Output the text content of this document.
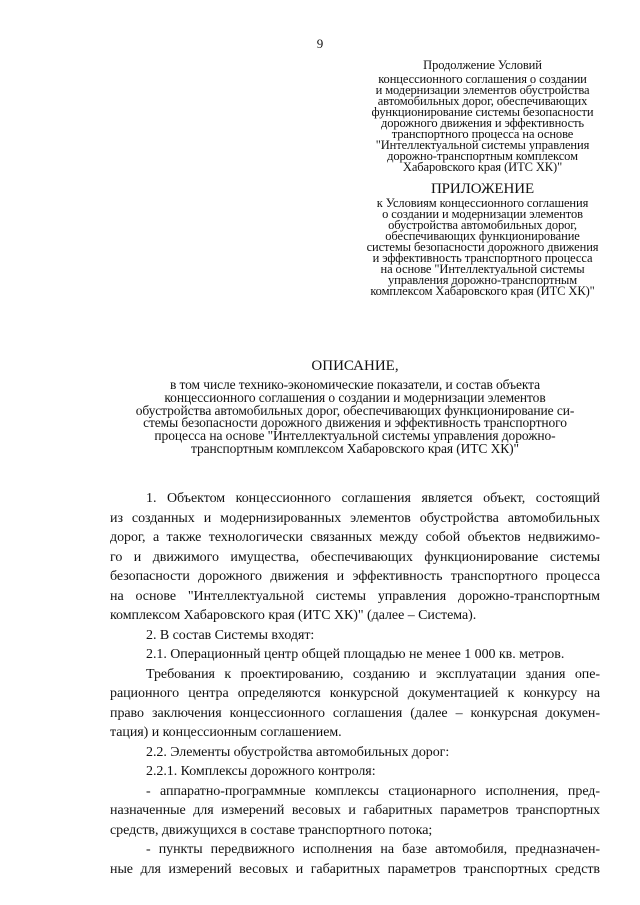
9
Продолжение Условий
концессионного соглашения о создании
и модернизации элементов обустройства
автомобильных дорог, обеспечивающих
функционирование системы безопасности
дорожного движения и эффективность
транспортного процесса на основе
"Интеллектуальной системы управления
дорожно-транспортным комплексом
Хабаровского края (ИТС ХК)"
ПРИЛОЖЕНИЕ
к Условиям концессионного соглашения
о создании и модернизации элементов
обустройства автомобильных дорог,
обеспечивающих функционирование
системы безопасности дорожного движения
и эффективность транспортного процесса
на основе "Интеллектуальной системы
управления дорожно-транспортным
комплексом Хабаровского края (ИТС ХК)"
ОПИСАНИЕ,
в том числе технико-экономические показатели, и состав объекта
концессионного соглашения о создании и модернизации элементов
обустройства автомобильных дорог, обеспечивающих функционирование си-
стемы безопасности дорожного движения и эффективность транспортного
процесса на основе "Интеллектуальной системы управления дорожно-
транспортным комплексом Хабаровского края (ИТС ХК)"
1. Объектом концессионного соглашения является объект, состоящий
из созданных и модернизированных элементов обустройства автомобильных
дорог, а также технологически связанных между собой объектов недвижимо-
го и движимого имущества, обеспечивающих функционирование системы
безопасности дорожного движения и эффективность транспортного процесса
на основе "Интеллектуальной системы управления дорожно-транспортным
комплексом Хабаровского края (ИТС ХК)" (далее – Система).
2. В состав Системы входят:
2.1. Операционный центр общей площадью не менее 1 000 кв. метров.
Требования к проектированию, созданию и эксплуатации здания опе-
рационного центра определяются конкурсной документацией к конкурсу на
право заключения концессионного соглашения (далее – конкурсная докумен-
тация) и концессионным соглашением.
2.2. Элементы обустройства автомобильных дорог:
2.2.1. Комплексы дорожного контроля:
- аппаратно-программные комплексы стационарного исполнения, пред-
назначенные для измерений весовых и габаритных параметров транспортных
средств, движущихся в составе транспортного потока;
- пункты передвижного исполнения на базе автомобиля, предназначен-
ные для измерений весовых и габаритных параметров транспортных средств
